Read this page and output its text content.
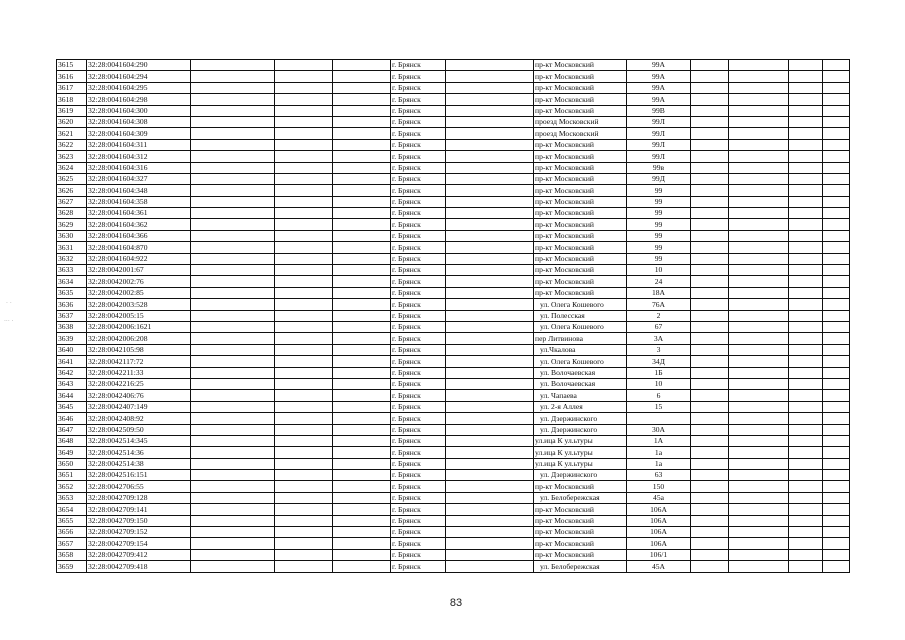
· ·
··· ·
3615	32:28:0041604:290				г. Брянск		пр-кт Московский	99А				
3616	32:28:0041604:294				г. Брянск		пр-кт Московский	99А				
3617	32:28:0041604:295				г. Брянск		пр-кт Московский	99А				
3618	32:28:0041604:298				г. Брянск		пр-кт Московский	99А				
3619	32:28:0041604:300				г. Брянск		пр-кт Московский	99В				
3620	32:28:0041604:308				г. Брянск		проезд Московский	99Л				
3621	32:28:0041604:309				г. Брянск		проезд Московский	99Л				
3622	32:28:0041604:311				г. Брянск		пр-кт Московский	99Л				
3623	32:28:0041604:312				г. Брянск		пр-кт Московский	99Л				
3624	32:28:0041604:316				г. Брянск		пр-кт Московский	99в				
3625	32:28:0041604:327				г. Брянск		пр-кт Московский	99Д				
3626	32:28:0041604:348				г. Брянск		пр-кт Московский	99				
3627	32:28:0041604:358				г. Брянск		пр-кт Московский	99				
3628	32:28:0041604:361				г. Брянск		пр-кт Московский	99				
3629	32:28:0041604:362				г. Брянск		пр-кт Московский	99				
3630	32:28:0041604:366				г. Брянск		пр-кт Московский	99				
3631	32:28:0041604:870				г. Брянск		пр-кт Московский	99				
3632	32:28:0041604:922				г. Брянск		пр-кт Московский	99				
3633	32:28:0042001:67				г. Брянск		пр-кт Московский	10				
3634	32:28:0042002:76				г. Брянск		пр-кт Московский	24				
3635	32:28:0042002:85				г. Брянск		пр-кт Московский	18А				
3636	32:28:0042003:528				г. Брянск		ул. Олега Кошевого	76А				
3637	32:28:0042005:15				г. Брянск		ул. Полесская	2				
3638	32:28:0042006:1621				г. Брянск		ул. Олега Кошевого	67				
3639	32:28:0042006:208				г. Брянск		пер Литвинова	3А				
3640	32:28:0042105:98				г. Брянск		ул.Чкалова	3				
3641	32:28:0042117:72				г. Брянск		ул. Олега Кошевого	34Д				
3642	32:28:0042211:33				г. Брянск		ул. Волочаевская	1Б				
3643	32:28:0042216:25				г. Брянск		ул. Волочаевская	10				
3644	32:28:0042406:76				г. Брянск		ул. Чапаева	6				
3645	32:28:0042407:149				г. Брянск		ул. 2-я Аллея	15				
3646	32:28:0042408:92				г. Брянск		ул. Дзержинского					
3647	32:28:0042509:50				г. Брянск		ул. Дзержинского	30А				
3648	32:28:0042514:345				г. Брянск		ул.ица К ул.ьтуры	1А				
3649	32:28:0042514:36				г. Брянск		ул.ица К ул.ьтуры	1а				
3650	32:28:0042514:38				г. Брянск		ул.ица К ул.ьтуры	1а				
3651	32:28:0042516:151				г. Брянск		ул. Дзержинского	63				
3652	32:28:0042706:55				г. Брянск		пр-кт Московский	150				
3653	32:28:0042709:128				г. Брянск		ул. Белобережская	45а				
3654	32:28:0042709:141				г. Брянск		пр-кт Московский	106А				
3655	32:28:0042709:150				г. Брянск		пр-кт Московский	106А				
3656	32:28:0042709:152				г. Брянск		пр-кт Московский	106А				
3657	32:28:0042709:154				г. Брянск		пр-кт Московский	106А				
3658	32:28:0042709:412				г. Брянск		пр-кт Московский	106/1				
3659	32:28:0042709:418				г. Брянск		ул. Белобережская	45А				
83
